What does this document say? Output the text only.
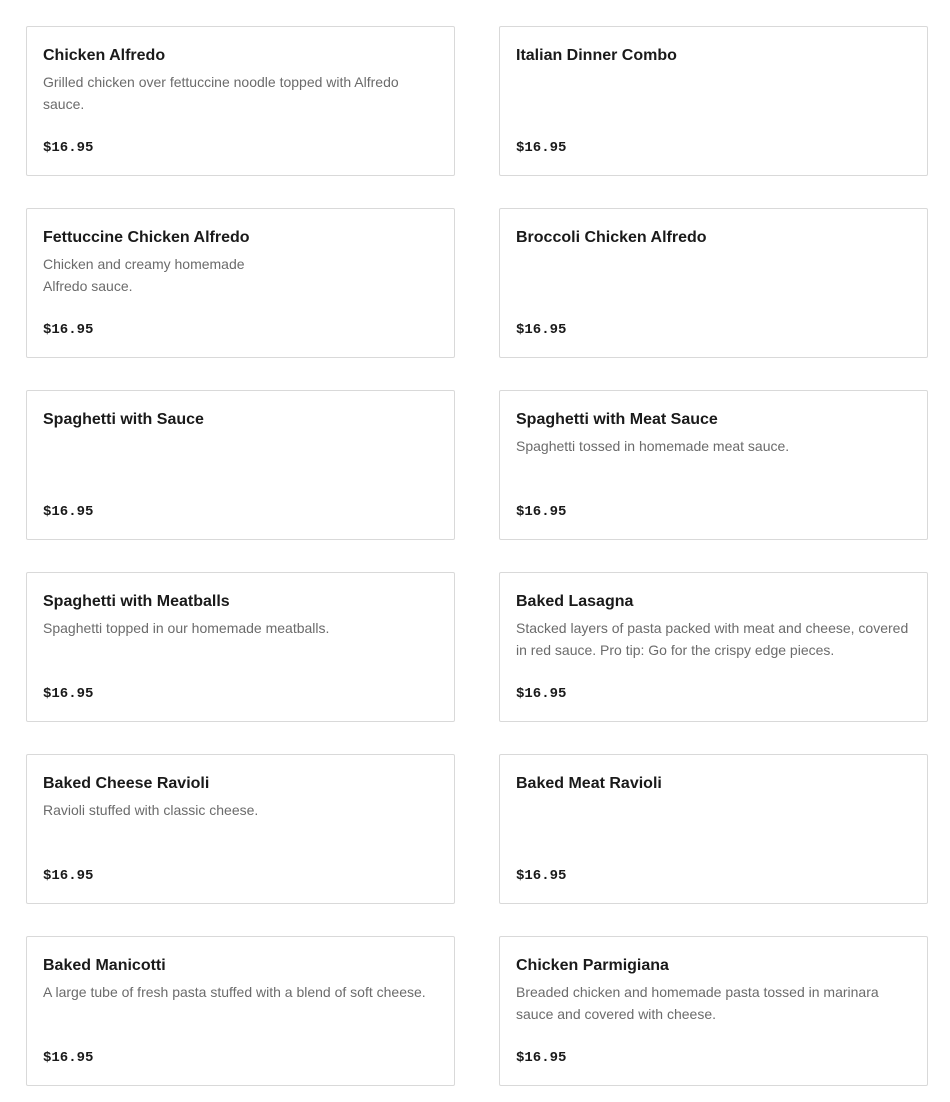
Chicken Alfredo
Grilled chicken over fettuccine noodle topped with Alfredo sauce.
$16.95
Italian Dinner Combo
$16.95
Fettuccine Chicken Alfredo
Chicken and creamy homemade
Alfredo sauce.
$16.95
Broccoli Chicken Alfredo
$16.95
Spaghetti with Sauce
$16.95
Spaghetti with Meat Sauce
Spaghetti tossed in homemade meat sauce.
$16.95
Spaghetti with Meatballs
Spaghetti topped in our homemade meatballs.
$16.95
Baked Lasagna
Stacked layers of pasta packed with meat and cheese, covered in red sauce. Pro tip: Go for the crispy edge pieces.
$16.95
Baked Cheese Ravioli
Ravioli stuffed with classic cheese.
$16.95
Baked Meat Ravioli
$16.95
Baked Manicotti
A large tube of fresh pasta stuffed with a blend of soft cheese.
$16.95
Chicken Parmigiana
Breaded chicken and homemade pasta tossed in marinara sauce and covered with cheese.
$16.95
